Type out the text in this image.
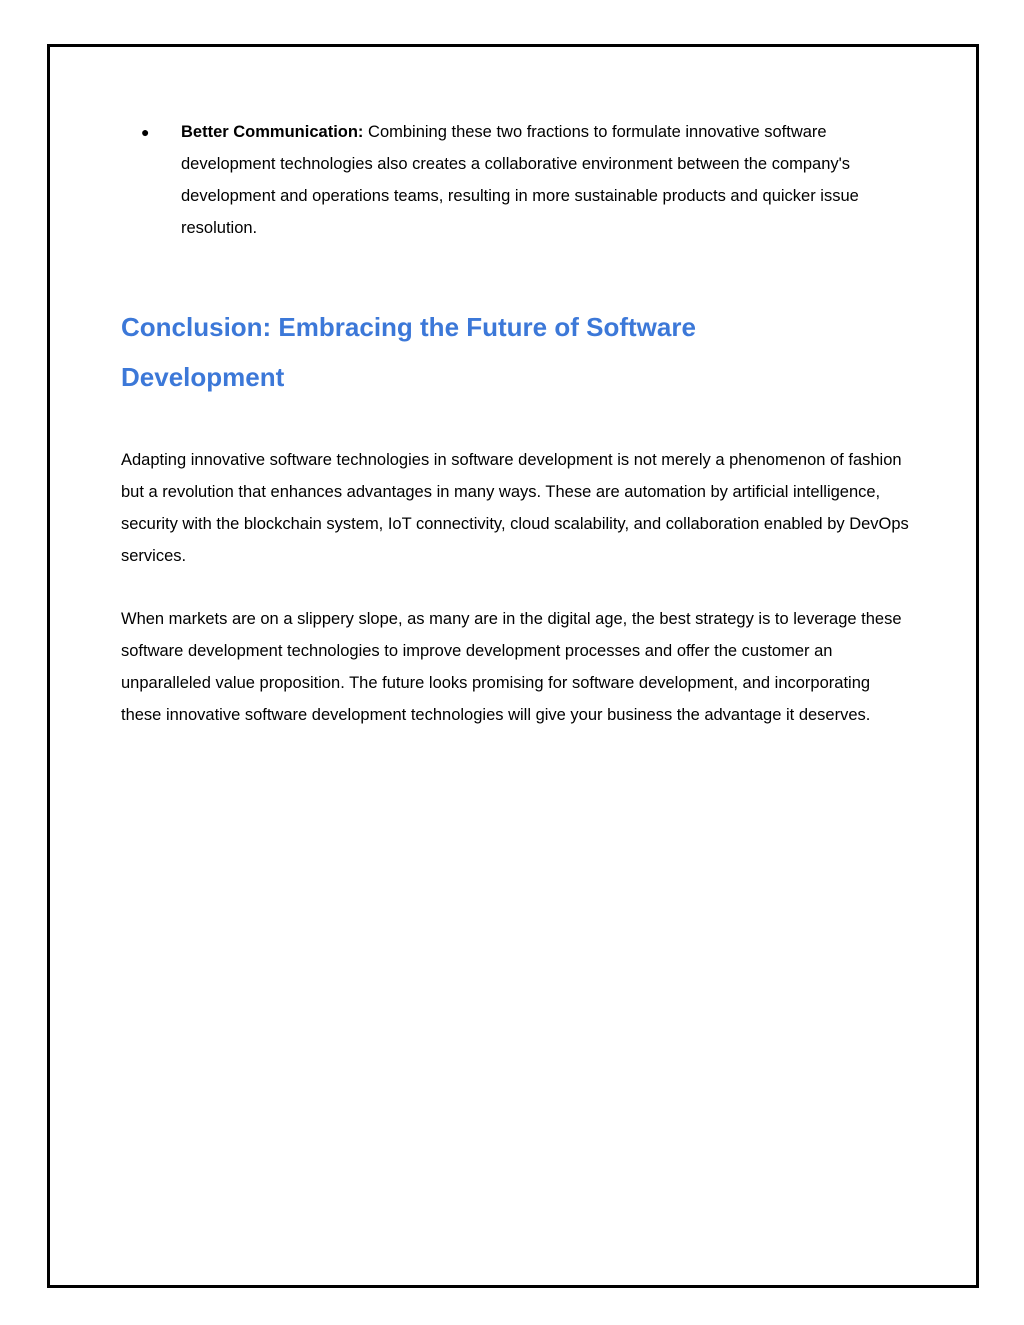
● Better Communication: Combining these two fractions to formulate innovative software development technologies also creates a collaborative environment between the company's development and operations teams, resulting in more sustainable products and quicker issue resolution.
Conclusion: Embracing the Future of Software Development

Adapting innovative software technologies in software development is not merely a phenomenon of fashion but a revolution that enhances advantages in many ways. These are automation by artificial intelligence, security with the blockchain system, IoT connectivity, cloud scalability, and collaboration enabled by DevOps services.

When markets are on a slippery slope, as many are in the digital age, the best strategy is to leverage these software development technologies to improve development processes and offer the customer an unparalleled value proposition. The future looks promising for software development, and incorporating these innovative software development technologies will give your business the advantage it deserves.
